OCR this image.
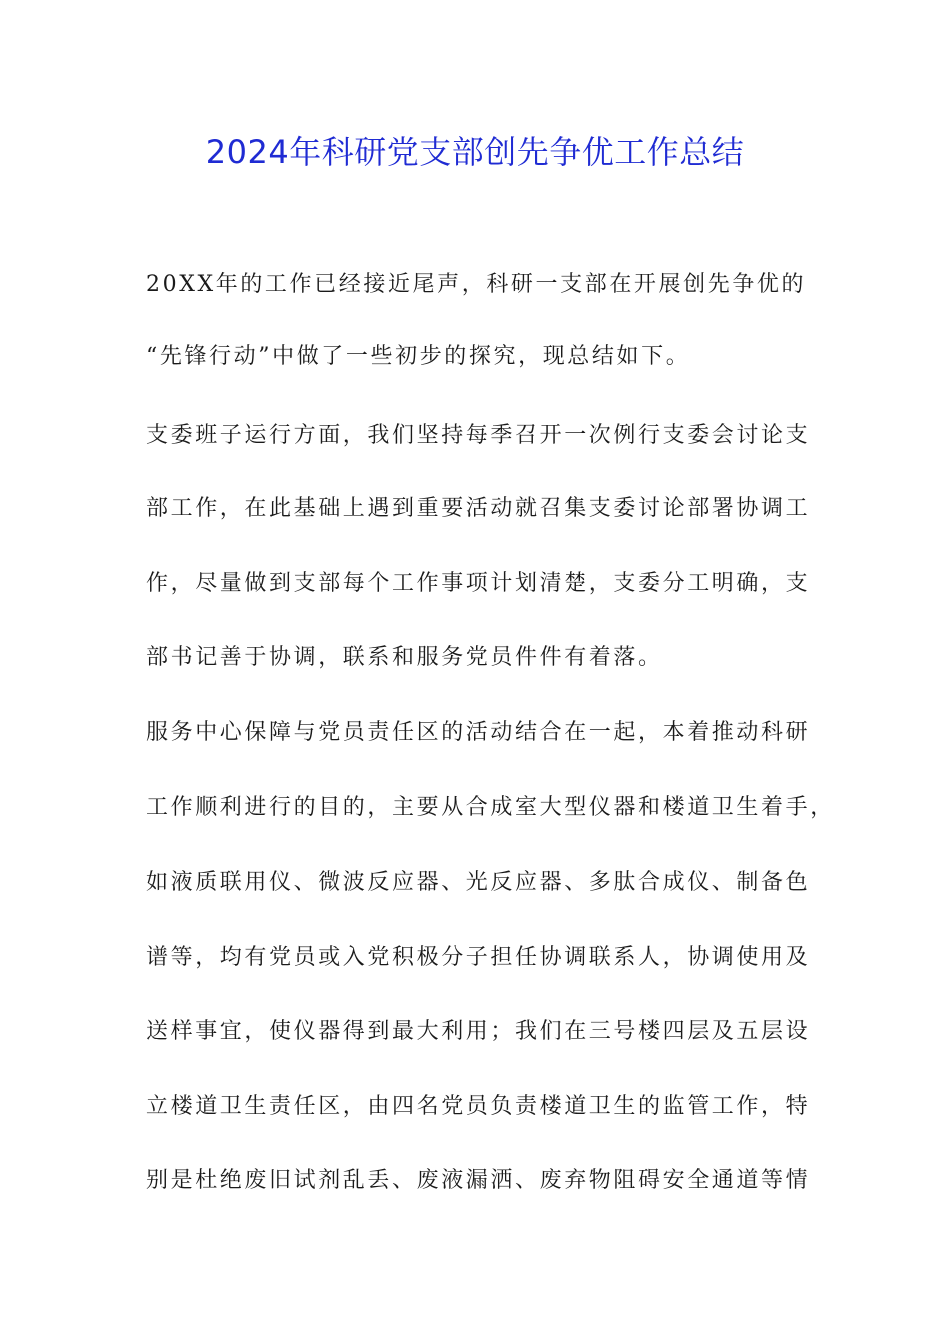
2024年科研党支部创先争优工作总结
20XX年的工作已经接近尾声，科研一支部在开展创先争优的
“先锋行动”中做了一些初步的探究，现总结如下。
支委班子运行方面，我们坚持每季召开一次例行支委会讨论支
部工作，在此基础上遇到重要活动就召集支委讨论部署协调工
作，尽量做到支部每个工作事项计划清楚，支委分工明确，支
部书记善于协调，联系和服务党员件件有着落。
服务中心保障与党员责任区的活动结合在一起，本着推动科研
工作顺利进行的目的，主要从合成室大型仪器和楼道卫生着手，
如液质联用仪、微波反应器、光反应器、多肽合成仪、制备色
谱等，均有党员或入党积极分子担任协调联系人，协调使用及
送样事宜，使仪器得到最大利用；我们在三号楼四层及五层设
立楼道卫生责任区，由四名党员负责楼道卫生的监管工作，特
别是杜绝废旧试剂乱丢、废液漏洒、废弃物阻碍安全通道等情
